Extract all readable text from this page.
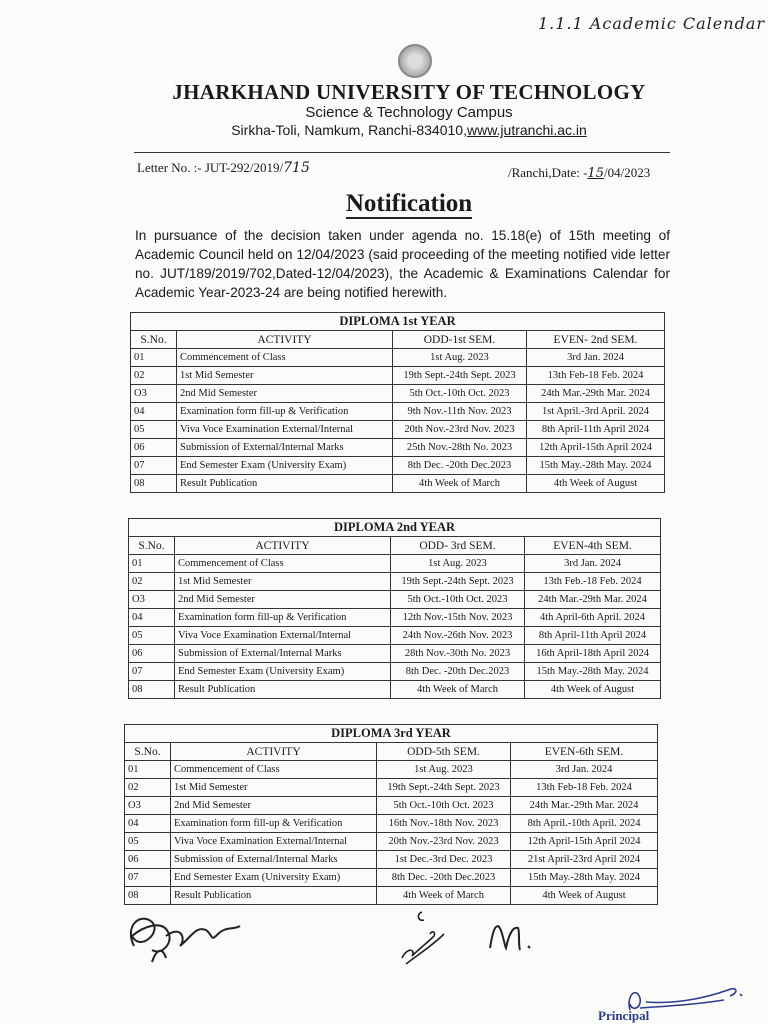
1.1.1 Academic Calendar
JHARKHAND UNIVERSITY OF TECHNOLOGY
Science & Technology Campus
Sirkha-Toli, Namkum, Ranchi-834010,www.jutranchi.ac.in
Letter No. :- JUT-292/2019/715	/Ranchi,Date: -15/04/2023
Notification
In pursuance of the decision taken under agenda no. 15.18(e) of 15th meeting of Academic Council held on 12/04/2023 (said proceeding of the meeting notified vide letter no. JUT/189/2019/702,Dated-12/04/2023), the Academic & Examinations Calendar for Academic Year-2023-24 are being notified herewith.
DIPLOMA 1st YEAR			
S.No.	ACTIVITY	ODD-1st SEM.	EVEN- 2nd SEM.
01	Commencement of Class	1st Aug. 2023	3rd Jan. 2024
02	1st Mid Semester	19th Sept.-24th Sept. 2023	13th Feb-18 Feb. 2024
O3	2nd Mid Semester	5th Oct.-10th Oct. 2023	24th Mar.-29th Mar. 2024
04	Examination form fill-up & Verification	9th Nov.-11th Nov. 2023	1st April.-3rd April. 2024
05	Viva Voce Examination External/Internal	20th Nov.-23rd Nov. 2023	8th April-11th April 2024
06	Submission of External/Internal Marks	25th Nov.-28th No. 2023	12th April-15th April 2024
07	End Semester Exam (University Exam)	8th Dec. -20th Dec.2023	15th May.-28th May. 2024
08	Result Publication	4th Week of March	4th Week of August
DIPLOMA 2nd YEAR			
S.No.	ACTIVITY	ODD- 3rd SEM.	EVEN-4th SEM.
01	Commencement of Class	1st Aug. 2023	3rd Jan. 2024
02	1st Mid Semester	19th Sept.-24th Sept. 2023	13th Feb.-18 Feb. 2024
O3	2nd Mid Semester	5th Oct.-10th Oct. 2023	24th Mar.-29th Mar. 2024
04	Examination form fill-up & Verification	12th Nov.-15th Nov. 2023	4th April-6th April. 2024
05	Viva Voce Examination External/Internal	24th Nov.-26th Nov. 2023	8th April-11th April 2024
06	Submission of External/Internal Marks	28th Nov.-30th No. 2023	16th April-18th April 2024
07	End Semester Exam (University Exam)	8th Dec. -20th Dec.2023	15th May.-28th May. 2024
08	Result Publication	4th Week of March	4th Week of August
DIPLOMA 3rd YEAR			
S.No.	ACTIVITY	ODD-5th SEM.	EVEN-6th SEM.
01	Commencement of Class	1st Aug. 2023	3rd Jan. 2024
02	1st Mid Semester	19th Sept.-24th Sept. 2023	13th Feb-18 Feb. 2024
O3	2nd Mid Semester	5th Oct.-10th Oct. 2023	24th Mar.-29th Mar. 2024
04	Examination form fill-up & Verification	16th Nov.-18th Nov. 2023	8th April.-10th April. 2024
05	Viva Voce Examination External/Internal	20th Nov.-23rd Nov. 2023	12th April-15th April 2024
06	Submission of External/Internal Marks	1st Dec.-3rd Dec. 2023	21st April-23rd April 2024
07	End Semester Exam (University Exam)	8th Dec. -20th Dec.2023	15th May.-28th May. 2024
08	Result Publication	4th Week of March	4th Week of August
Principal
